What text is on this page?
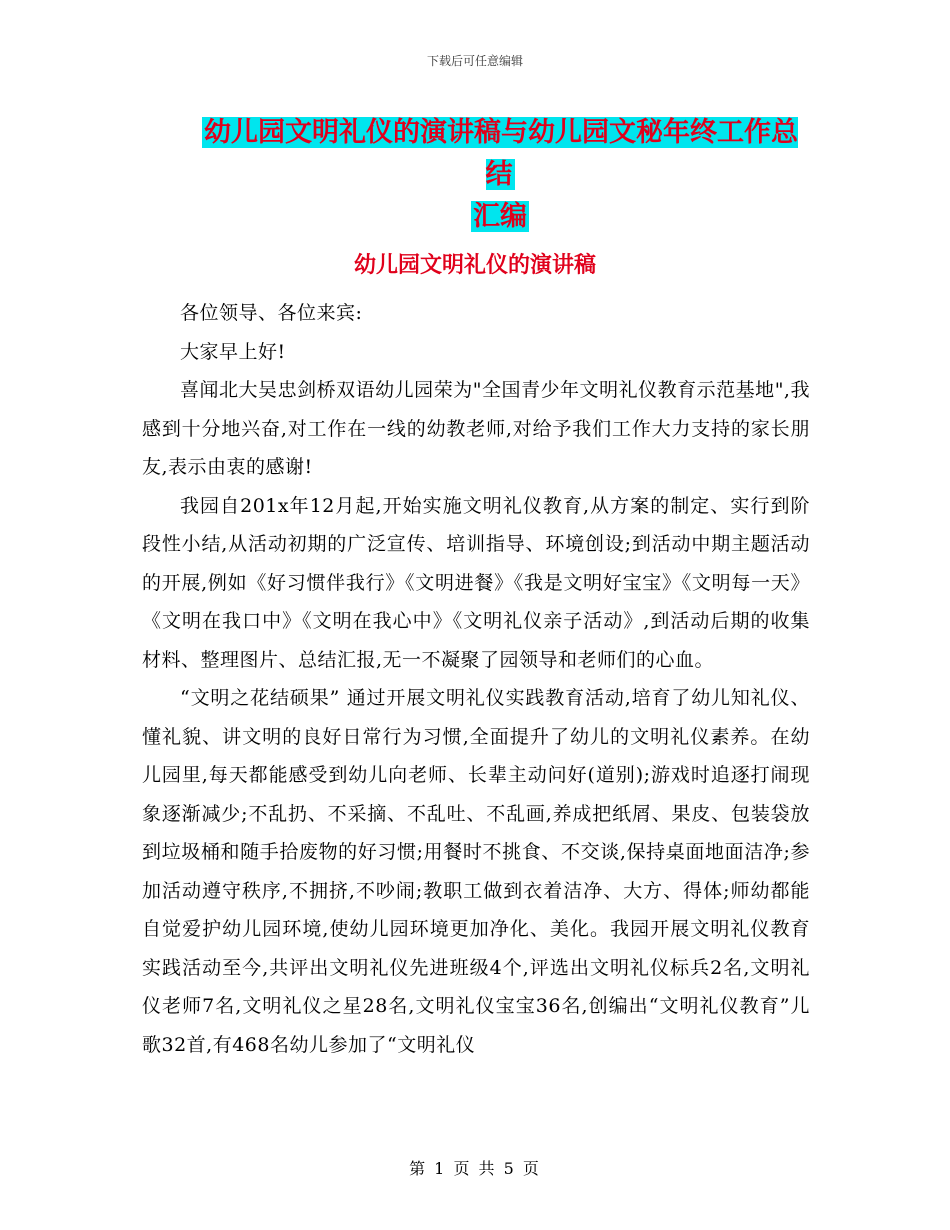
下载后可任意编辑
幼儿园文明礼仪的演讲稿与幼儿园文秘年终工作总结
汇编
幼儿园文明礼仪的演讲稿

各位领导、各位来宾:

大家早上好!

喜闻北大吴忠剑桥双语幼儿园荣为"全国青少年文明礼仪教育示范基地",我感到十分地兴奋,对工作在一线的幼教老师,对给予我们工作大力支持的家长朋友,表示由衷的感谢!

我园自201x年12月起,开始实施文明礼仪教育,从方案的制定、实行到阶段性小结,从活动初期的广泛宣传、培训指导、环境创设;到活动中期主题活动的开展,例如《好习惯伴我行》《文明进餐》《我是文明好宝宝》《文明每一天》《文明在我口中》《文明在我心中》《文明礼仪亲子活动》,到活动后期的收集材料、整理图片、总结汇报,无一不凝聚了园领导和老师们的心血。

“文明之花结硕果” 通过开展文明礼仪实践教育活动,培育了幼儿知礼仪、懂礼貌、讲文明的良好日常行为习惯,全面提升了幼儿的文明礼仪素养。在幼儿园里,每天都能感受到幼儿向老师、长辈主动问好(道别);游戏时追逐打闹现象逐渐减少;不乱扔、不采摘、不乱吐、不乱画,养成把纸屑、果皮、包装袋放到垃圾桶和随手拾废物的好习惯;用餐时不挑食、不交谈,保持桌面地面洁净;参加活动遵守秩序,不拥挤,不吵闹;教职工做到衣着洁净、大方、得体;师幼都能自觉爱护幼儿园环境,使幼儿园环境更加净化、美化。我园开展文明礼仪教育实践活动至今,共评出文明礼仪先进班级4个,评选出文明礼仪标兵2名,文明礼仪老师7名,文明礼仪之星28名,文明礼仪宝宝36名,创编出“文明礼仪教育”儿歌32首,有468名幼儿参加了“文明礼仪

第 1 页 共 5 页
